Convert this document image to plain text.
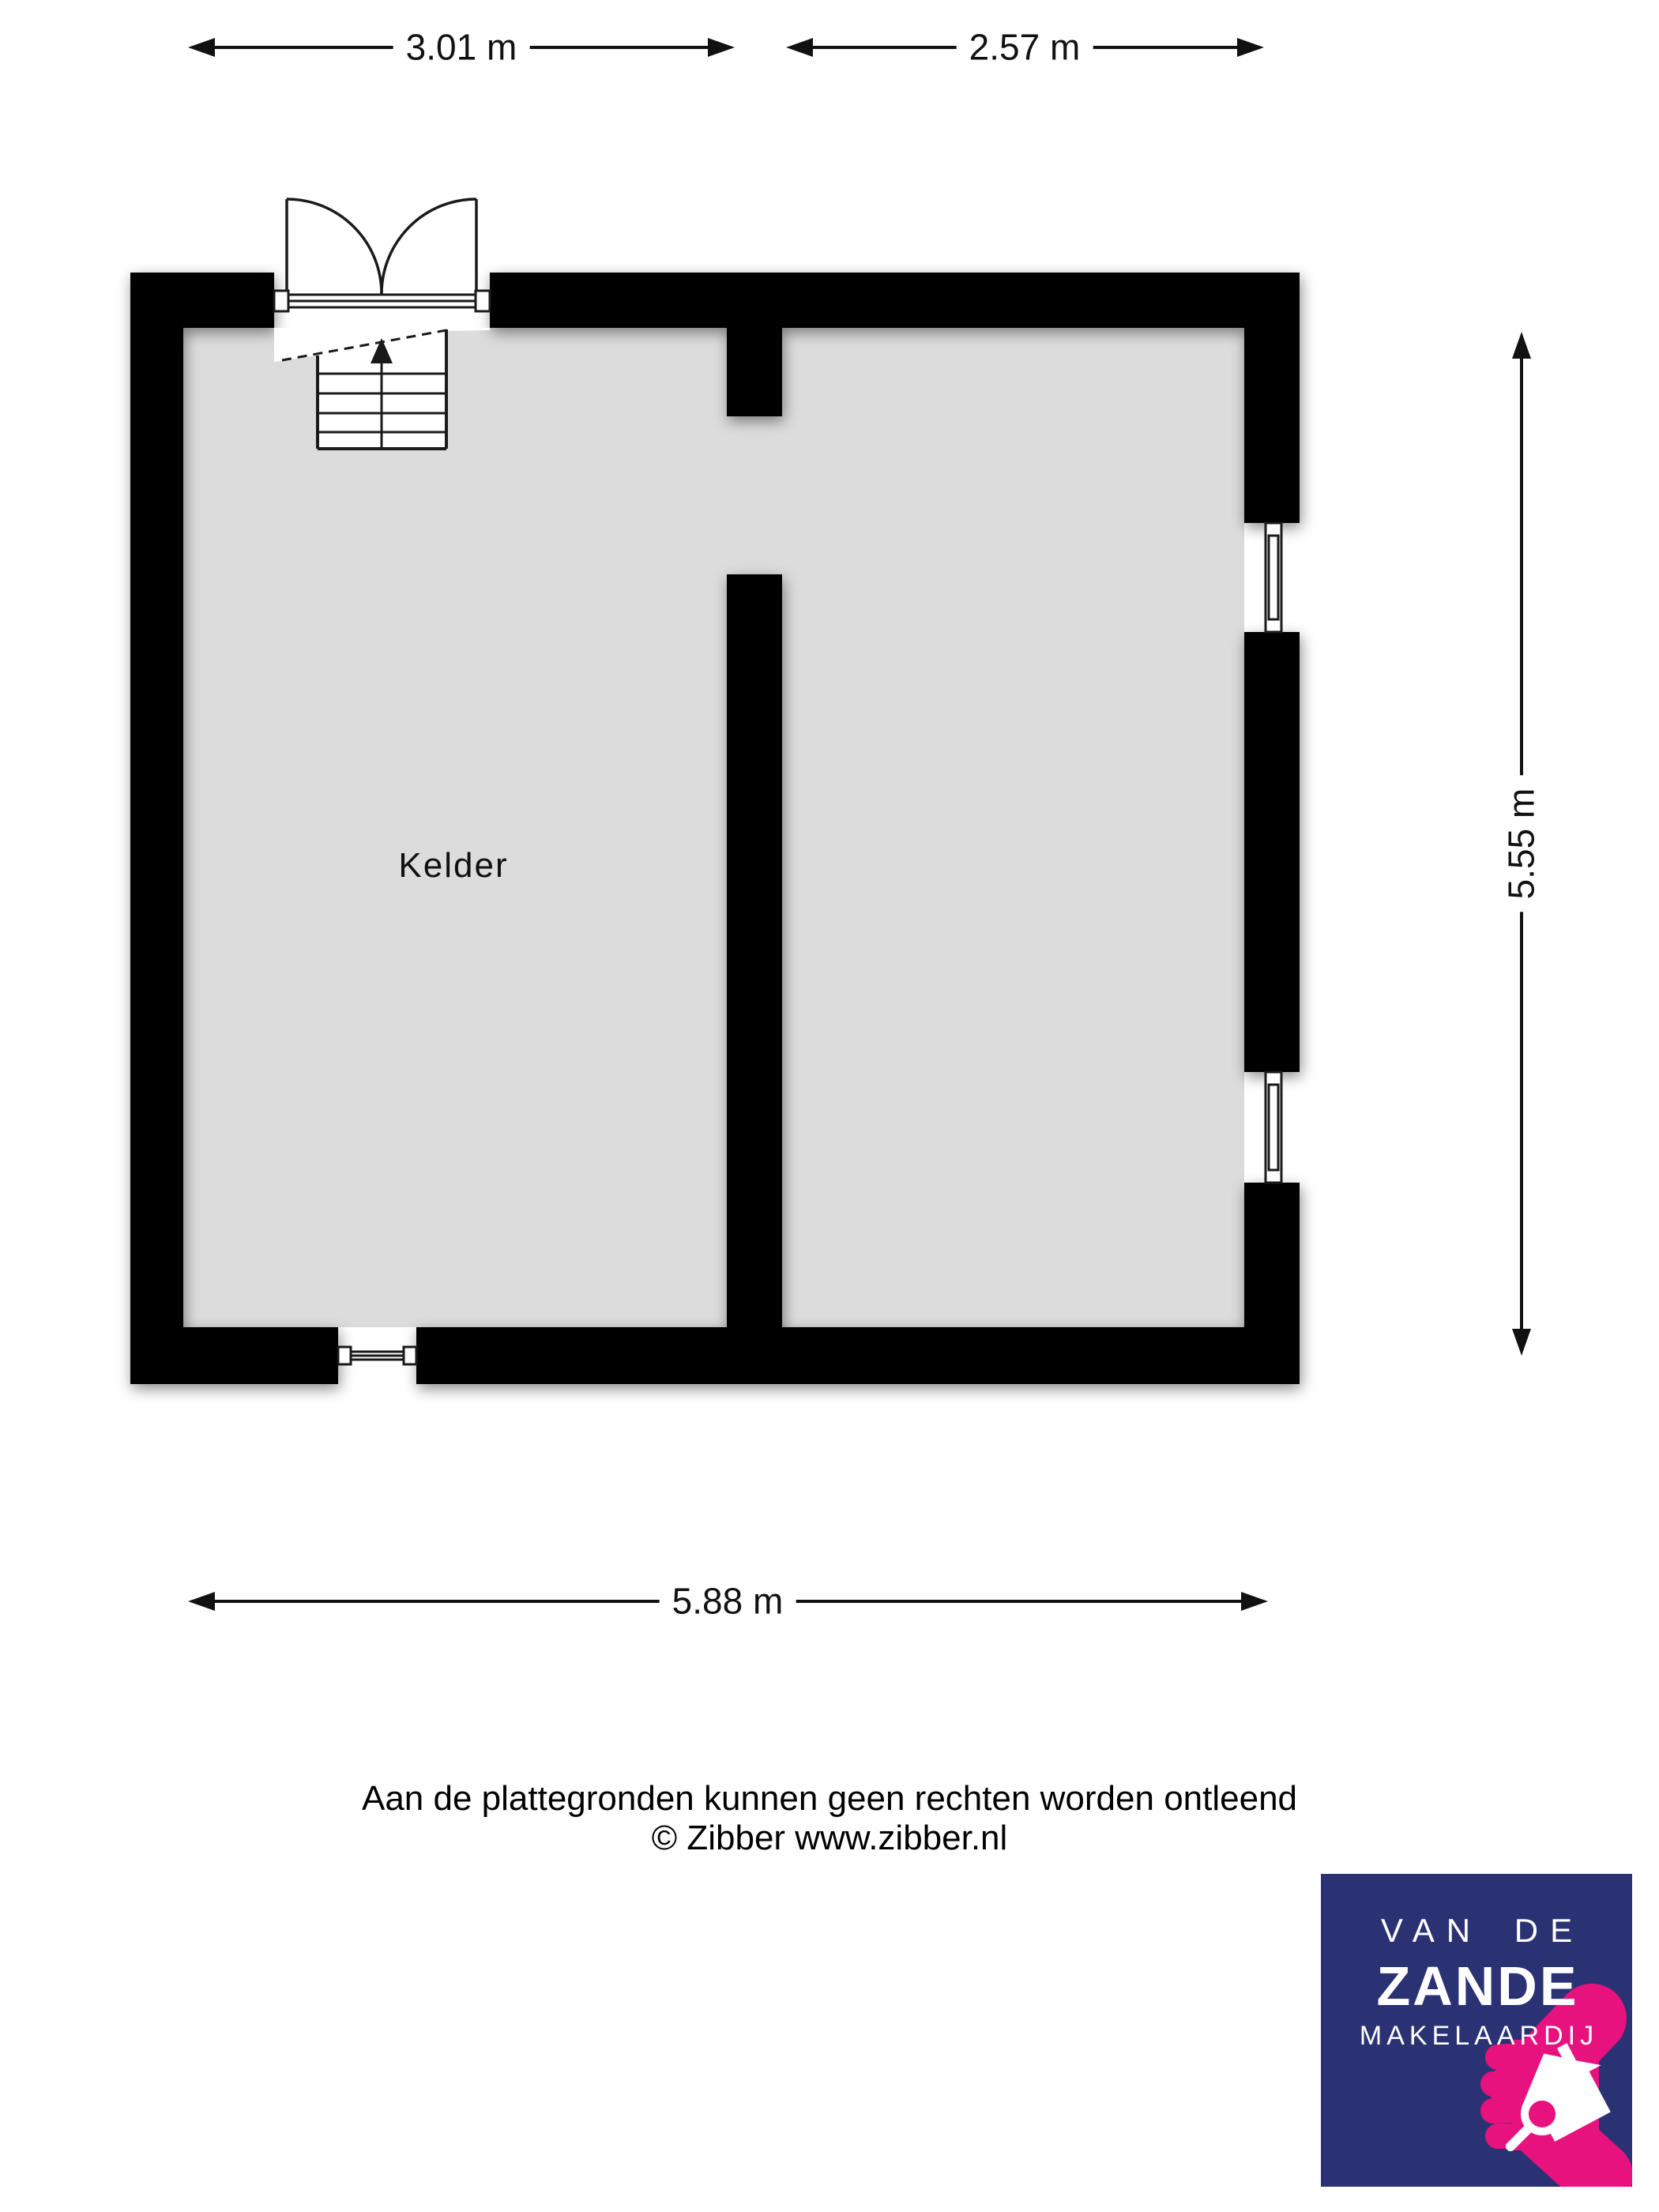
3.01 m	2.57 m
5.55 m
5.88 m
Kelder
Aan de plattegronden kunnen geen rechten worden ontleend
© Zibber www.zibber.nl
VAN DE
ZANDE
MAKELAARDIJ
